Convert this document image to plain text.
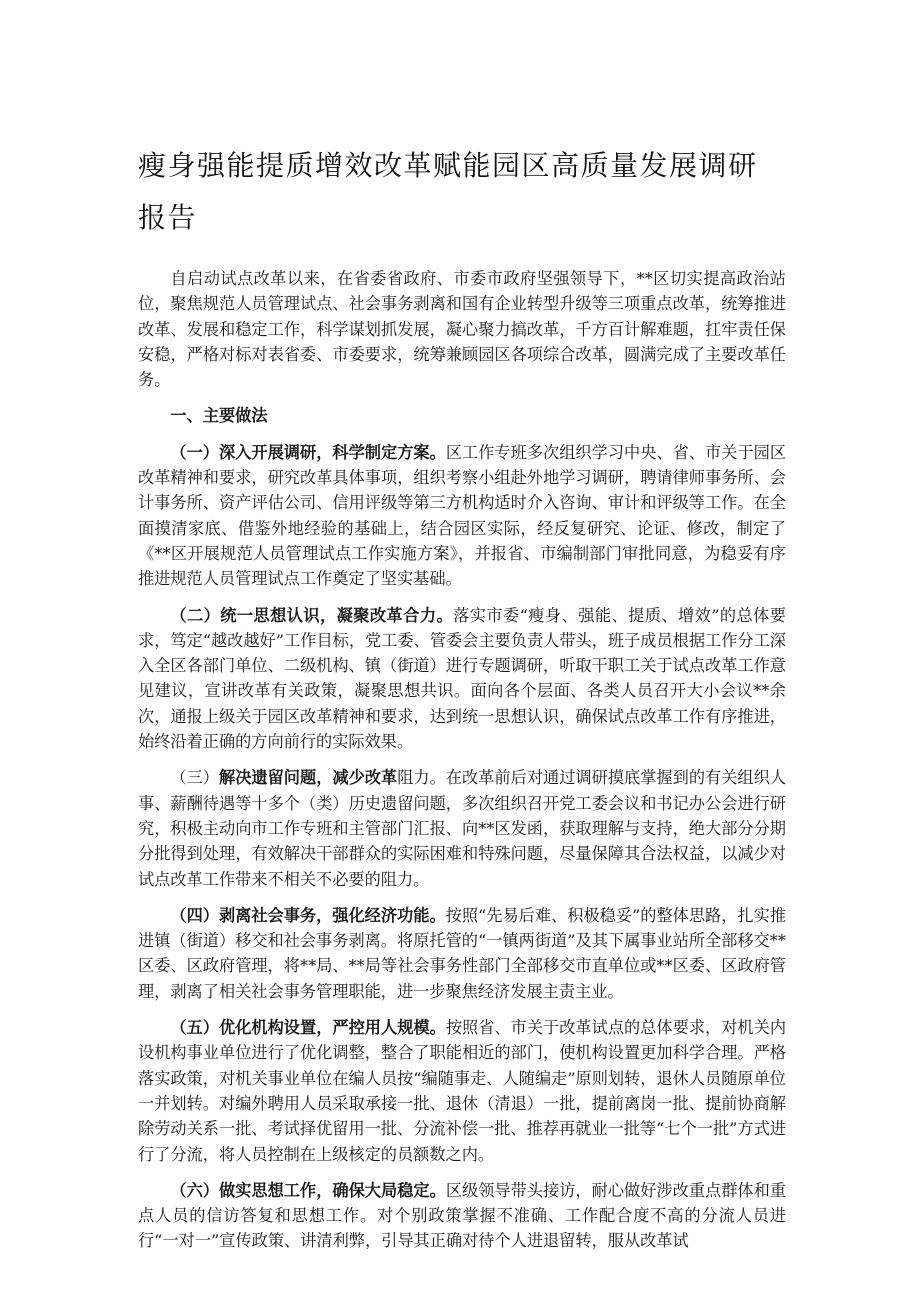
瘦身强能提质增效改革赋能园区高质量发展调研报告

自启动试点改革以来，在省委省政府、市委市政府坚强领导下，**区切实提高政治站位，聚焦规范人员管理试点、社会事务剥离和国有企业转型升级等三项重点改革，统筹推进改革、发展和稳定工作，科学谋划抓发展，凝心聚力搞改革，千方百计解难题，扛牢责任保安稳，严格对标对表省委、市委要求，统筹兼顾园区各项综合改革，圆满完成了主要改革任务。

一、主要做法

（一）深入开展调研，科学制定方案。区工作专班多次组织学习中央、省、市关于园区改革精神和要求，研究改革具体事项，组织考察小组赴外地学习调研，聘请律师事务所、会计事务所、资产评估公司、信用评级等第三方机构适时介入咨询、审计和评级等工作。在全面摸清家底、借鉴外地经验的基础上，结合园区实际，经反复研究、论证、修改，制定了《**区开展规范人员管理试点工作实施方案》，并报省、市编制部门审批同意，为稳妥有序推进规范人员管理试点工作奠定了坚实基础。

（二）统一思想认识，凝聚改革合力。落实市委“瘦身、强能、提质、增效”的总体要求，笃定“越改越好”工作目标，党工委、管委会主要负责人带头，班子成员根据工作分工深入全区各部门单位、二级机构、镇（街道）进行专题调研，听取干职工关于试点改革工作意见建议，宣讲改革有关政策，凝聚思想共识。面向各个层面、各类人员召开大小会议**余次，通报上级关于园区改革精神和要求，达到统一思想认识，确保试点改革工作有序推进，始终沿着正确的方向前行的实际效果。

（三）解决遗留问题，减少改革阻力。在改革前后对通过调研摸底掌握到的有关组织人事、薪酬待遇等十多个（类）历史遗留问题，多次组织召开党工委会议和书记办公会进行研究，积极主动向市工作专班和主管部门汇报、向**区发函，获取理解与支持，绝大部分分期分批得到处理，有效解决干部群众的实际困难和特殊问题，尽量保障其合法权益，以减少对试点改革工作带来不相关不必要的阻力。

（四）剥离社会事务，强化经济功能。按照“先易后难、积极稳妥”的整体思路，扎实推进镇（街道）移交和社会事务剥离。将原托管的“一镇两街道”及其下属事业站所全部移交**区委、区政府管理，将**局、**局等社会事务性部门全部移交市直单位或**区委、区政府管理，剥离了相关社会事务管理职能，进一步聚焦经济发展主责主业。

（五）优化机构设置，严控用人规模。按照省、市关于改革试点的总体要求，对机关内设机构事业单位进行了优化调整，整合了职能相近的部门，使机构设置更加科学合理。严格落实政策，对机关事业单位在编人员按“编随事走、人随编走”原则划转，退休人员随原单位一并划转。对编外聘用人员采取承接一批、退休（清退）一批，提前离岗一批、提前协商解除劳动关系一批、考试择优留用一批、分流补偿一批、推荐再就业一批等“七个一批”方式进行了分流，将人员控制在上级核定的员额数之内。

（六）做实思想工作，确保大局稳定。区级领导带头接访，耐心做好涉改重点群体和重点人员的信访答复和思想工作。对个别政策掌握不准确、工作配合度不高的分流人员进行“一对一”宣传政策、讲清利弊，引导其正确对待个人进退留转，服从改革试
